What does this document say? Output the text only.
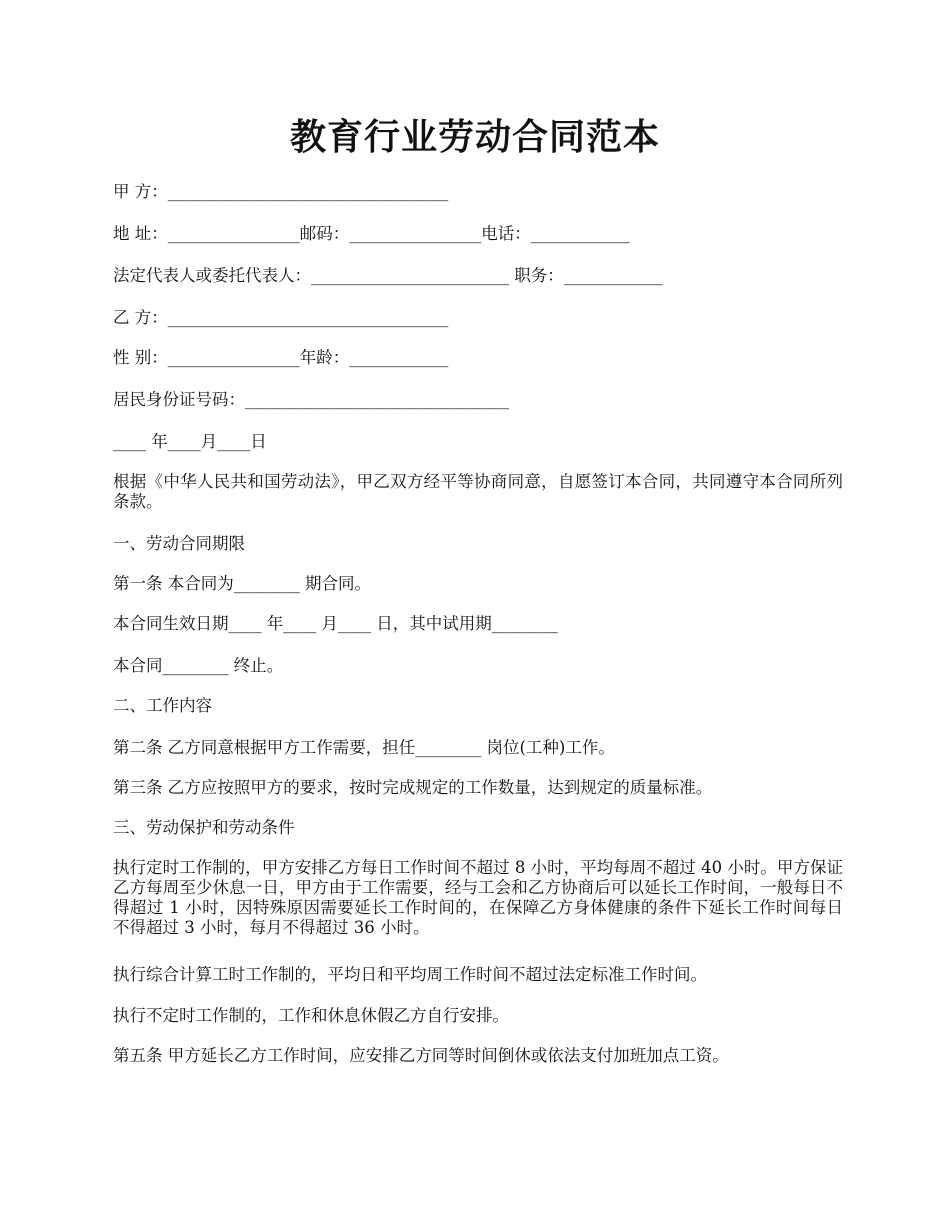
教育行业劳动合同范本
甲 方：__________________________________
地 址：________________邮码：________________电话：____________
法定代表人或委托代表人：________________________ 职务：____________
乙 方：__________________________________
性 别：________________年龄：____________
居民身份证号码：________________________________
____ 年____月____日
根据《中华人民共和国劳动法》，甲乙双方经平等协商同意，自愿签订本合同，共同遵守本合同所列条款。
一、劳动合同期限
第一条 本合同为________ 期合同。
本合同生效日期____ 年____ 月____ 日，其中试用期________
本合同________ 终止。
二、工作内容
第二条 乙方同意根据甲方工作需要，担任________ 岗位(工种)工作。
第三条 乙方应按照甲方的要求，按时完成规定的工作数量，达到规定的质量标准。
三、劳动保护和劳动条件
执行定时工作制的，甲方安排乙方每日工作时间不超过 8 小时，平均每周不超过 40 小时。甲方保证乙方每周至少休息一日，甲方由于工作需要，经与工会和乙方协商后可以延长工作时间，一般每日不得超过 1 小时，因特殊原因需要延长工作时间的，在保障乙方身体健康的条件下延长工作时间每日不得超过 3 小时，每月不得超过 36 小时。
执行综合计算工时工作制的，平均日和平均周工作时间不超过法定标准工作时间。
执行不定时工作制的，工作和休息休假乙方自行安排。
第五条 甲方延长乙方工作时间，应安排乙方同等时间倒休或依法支付加班加点工资。
